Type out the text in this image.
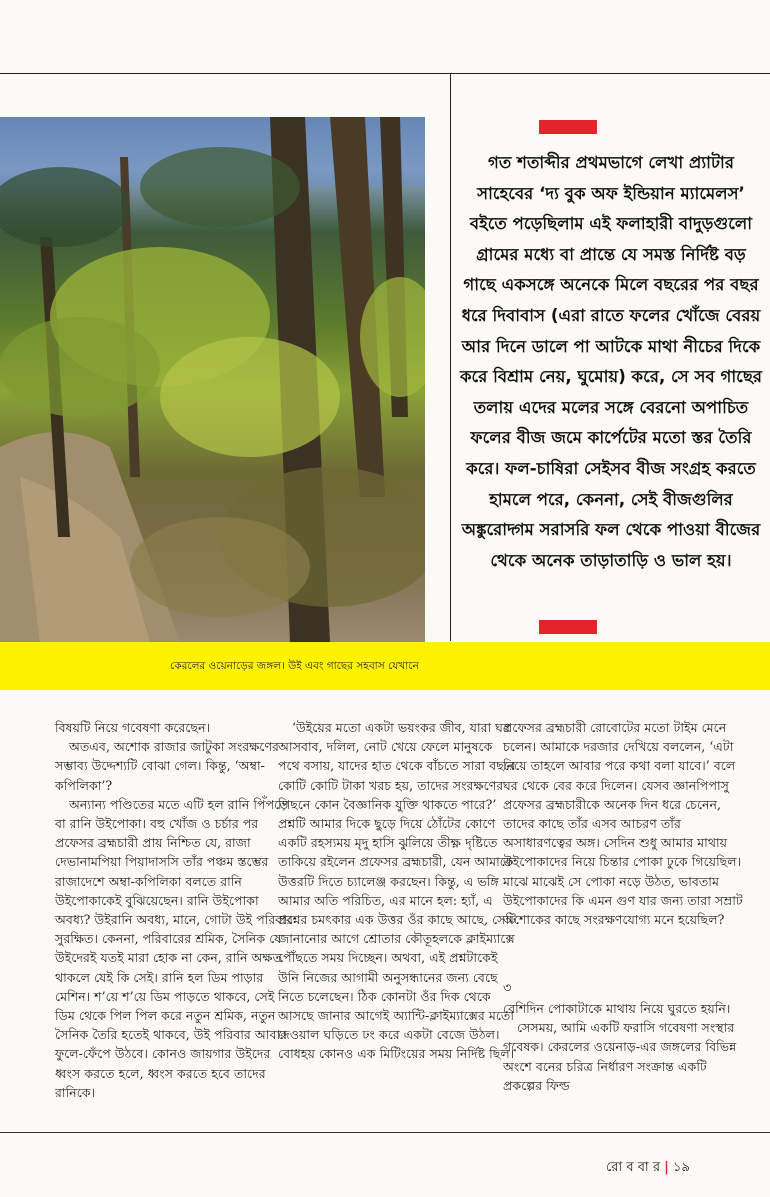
গত শতাব্দীর প্রথমভাগে লেখা প্র্যাটার সাহেবের ‘দ্য বুক অফ ইন্ডিয়ান ম্যামেলস’ বইতে পড়েছিলাম এই ফলাহারী বাদুড়গুলো গ্রামের মধ্যে বা প্রান্তে যে সমস্ত নির্দিষ্ট বড় গাছে একসঙ্গে অনেকে মিলে বছরের পর বছর ধরে দিবাবাস (এরা রাতে ফলের খোঁজে বেরয় আর দিনে ডালে পা আটকে মাথা নীচের দিকে করে বিশ্রাম নেয়, ঘুমোয়) করে, সে সব গাছের তলায় এদের মলের সঙ্গে বেরনো অপাচিত ফলের বীজ জমে কার্পেটের মতো স্তর তৈরি করে। ফল-চাষিরা সেইসব বীজ সংগ্রহ করতে হামলে পরে, কেননা, সেই বীজগুলির অঙ্কুরোদ্গম সরাসরি ফল থেকে পাওয়া বীজের থেকে অনেক তাড়াতাড়ি ও ভাল হয়।

কেরলের ওয়েনাড়ের জঙ্গল। উই এবং গাছের সহবাস যেখানে

বিষয়টি নিয়ে গবেষণা করেছেন।

অতএব, অশোক রাজার জাটুকা সংরক্ষণের সম্ভাব্য উদ্দেশ্যটি বোঝা গেল। কিন্তু, ‘অম্বা-কপিলিকা’?

অন্যান্য পণ্ডিতের মতে এটি হল রানি পিঁপড়ে বা রানি উইপোকা। বহু খোঁজ ও চর্চার পর প্রফেসর ব্রহ্মচারী প্রায় নিশ্চিত যে, রাজা দেভানামপিয়া পিয়াদাসসি তাঁর পঞ্চম স্তম্ভের রাজাদেশে অম্বা-কপিলিকা বলতে রানি উইপোকাকেই বুঝিয়েছেন। রানি উইপোকা অবধ্য? উইরানি অবধ্য, মানে, গোটা উই পরিবার সুরক্ষিত। কেননা, পরিবারের শ্রমিক, সৈনিক যে উইদেরই যতই মারা হোক না কেন, রানি অক্ষত থাকলে যেই কি সেই। রানি হল ডিম পাড়ার মেশিন। শ’য়ে শ’য়ে ডিম পাড়তে থাকবে, সেই ডিম থেকে পিল পিল করে নতুন শ্রমিক, নতুন সৈনিক তৈরি হতেই থাকবে, উই পরিবার আবার ফুলে-ফেঁপে উঠবে। কোনও জায়গার উইদের ধ্বংস করতে হলে, ধ্বংস করতে হবে তাদের রানিকে।

‘উইয়ের মতো একটা ভয়ংকর জীব, যারা ঘর আসবাব, দলিল, নোট খেয়ে ফেলে মানুষকে পথে বসায়, যাদের হাত থেকে বাঁচতে সারা বছরে কোটি কোটি টাকা খরচ হয়, তাদের সংরক্ষণের পিছনে কোন বৈজ্ঞানিক যুক্তি থাকতে পারে?’ প্রশ্নটি আমার দিকে ছুড়ে দিয়ে ঠোঁটের কোণে একটি রহস্যময় মৃদু হাসি ঝুলিয়ে তীক্ষ্ণ দৃষ্টিতে তাকিয়ে রইলেন প্রফেসর ব্রহ্মচারী, যেন আমাকে উত্তরটি দিতে চ্যালেঞ্জ করছেন। কিন্তু, এ ভঙ্গি আমার অতি পরিচিত, এর মানে হল: হ্যাঁ, এ প্রশ্নের চমৎকার এক উত্তর ওঁর কাছে আছে, সেটি জানানোর আগে শ্রোতার কৌতূহলকে ক্লাইম্যাক্সে পৌঁছতে সময় দিচ্ছেন। অথবা, এই প্রশ্নটাকেই উনি নিজের আগামী অনুসন্ধানের জন্য বেছে নিতে চলেছেন। ঠিক কোনটা ওঁর দিক থেকে আসছে জানার আগেই অ্যান্টি-ক্লাইম্যাক্সের মতো দেওয়াল ঘড়িতে ঢং করে একটা বেজে উঠল। বোধহয় কোনও এক মিটিংয়ের সময় নির্দিষ্ট ছিল।

প্রফেসর ব্রহ্মচারী রোবোটের মতো টাইম মেনে চলেন। আমাকে দরজার দেখিয়ে বললেন, ‘এটা নিয়ে তাহলে আবার পরে কথা বলা যাবে।’ বলে ঘর থেকে বের করে দিলেন। যেসব জ্ঞানপিপাসু প্রফেসর ব্রহ্মচারীকে অনেক দিন ধরে চেনেন, তাদের কাছে তাঁর এসব আচরণ তাঁর অসাধারণত্বের অঙ্গ। সেদিন শুধু আমার মাথায় উইপোকাদের নিয়ে চিন্তার পোকা ঢুকে গিয়েছিল। মাঝে মাঝেই সে পোকা নড়ে উঠত, ভাবতাম উইপোকাদের কি এমন গুণ যার জন্য তারা সম্রাট অশোকের কাছে সংরক্ষণযোগ্য মনে হয়েছিল?

৩

বেশিদিন পোকাটাকে মাথায় নিয়ে ঘুরতে হয়নি।

সেসময়, আমি একটি ফরাসি গবেষণা সংস্থার গবেষক। কেরলের ওয়েনাড়-এর জঙ্গলের বিভিন্ন অংশে বনের চরিত্র নির্ধারণ সংক্রান্ত একটি প্রকল্পের ফিল্ড

রো ব বা র | ১৯
